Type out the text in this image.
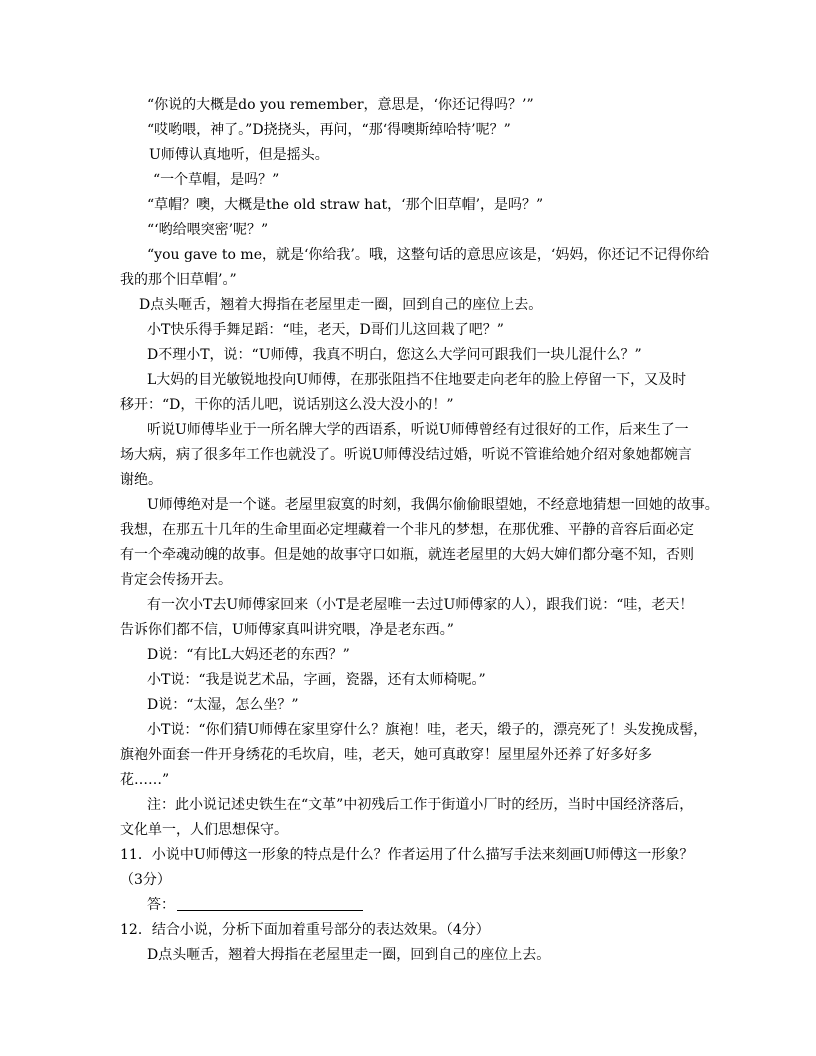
“你说的大概是do you remember，意思是，‘你还记得吗？’”
“哎哟喂，神了。”D挠挠头，再问，“那‘得噢斯绰哈特’呢？”
U师傅认真地听，但是摇头。
“一个草帽，是吗？”
“草帽？噢，大概是the old straw hat，‘那个旧草帽’，是吗？”
“‘哟给喂突密’呢？”
“you gave to me，就是‘你给我’。哦，这整句话的意思应该是，‘妈妈，你还记不记得你给
我的那个旧草帽’。”
D点头咂舌，翘着大拇指在老屋里走一圈，回到自己的座位上去。
小T快乐得手舞足蹈：“哇，老天，D哥们儿这回栽了吧？”
D不理小T，说：“U师傅，我真不明白，您这么大学问可跟我们一块儿混什么？”
L大妈的目光敏锐地投向U师傅，在那张阻挡不住地要走向老年的脸上停留一下，又及时
移开：“D，干你的活儿吧，说话别这么没大没小的！”
听说U师傅毕业于一所名牌大学的西语系，听说U师傅曾经有过很好的工作，后来生了一
场大病，病了很多年工作也就没了。听说U师傅没结过婚，听说不管谁给她介绍对象她都婉言
谢绝。
U师傅绝对是一个谜。老屋里寂寞的时刻，我偶尔偷偷眼望她，不经意地猜想一回她的故事。
我想，在那五十几年的生命里面必定埋藏着一个非凡的梦想，在那优雅、平静的音容后面必定
有一个牵魂动魄的故事。但是她的故事守口如瓶，就连老屋里的大妈大婶们都分毫不知，否则
肯定会传扬开去。
有一次小T去U师傅家回来（小T是老屋唯一去过U师傅家的人），跟我们说：“哇，老天！
告诉你们都不信，U师傅家真叫讲究喂，净是老东西。”
D说：“有比L大妈还老的东西？”
小T说：“我是说艺术品，字画，瓷器，还有太师椅呢。”
D说：“太湿，怎么坐？”
小T说：“你们猜U师傅在家里穿什么？旗袍！哇，老天，缎子的，漂亮死了！头发挽成髻，
旗袍外面套一件开身绣花的毛坎肩，哇，老天，她可真敢穿！屋里屋外还养了好多好多
花……”
注：此小说记述史铁生在“文革”中初残后工作于街道小厂时的经历，当时中国经济落后，
文化单一，人们思想保守。
11．小说中U师傅这一形象的特点是什么？作者运用了什么描写手法来刻画U师傅这一形象？
（3分）
答：
12．结合小说，分析下面加着重号部分的表达效果。（4分）
D点头咂舌，翘着大拇指在老屋里走一圈，回到自己的座位上去。
